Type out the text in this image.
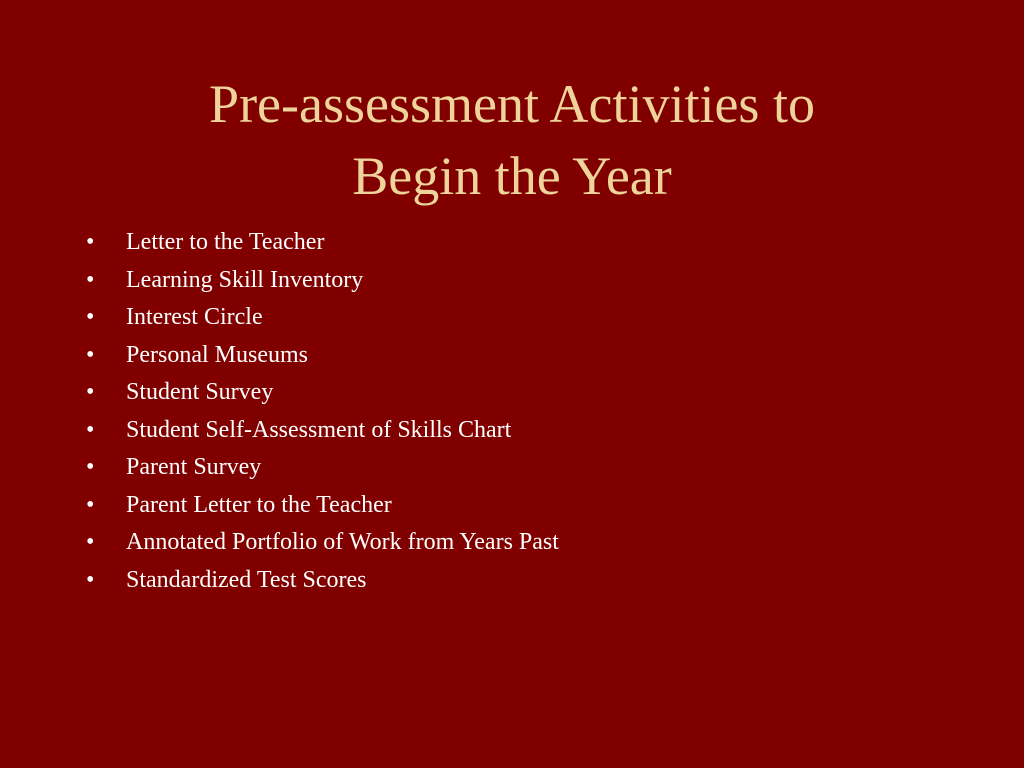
Pre-assessment Activities to
Begin the Year
• Letter to the Teacher
• Learning Skill Inventory
• Interest Circle
• Personal Museums
• Student Survey
• Student Self-Assessment of Skills Chart
• Parent Survey
• Parent Letter to the Teacher
• Annotated Portfolio of Work from Years Past
• Standardized Test Scores
